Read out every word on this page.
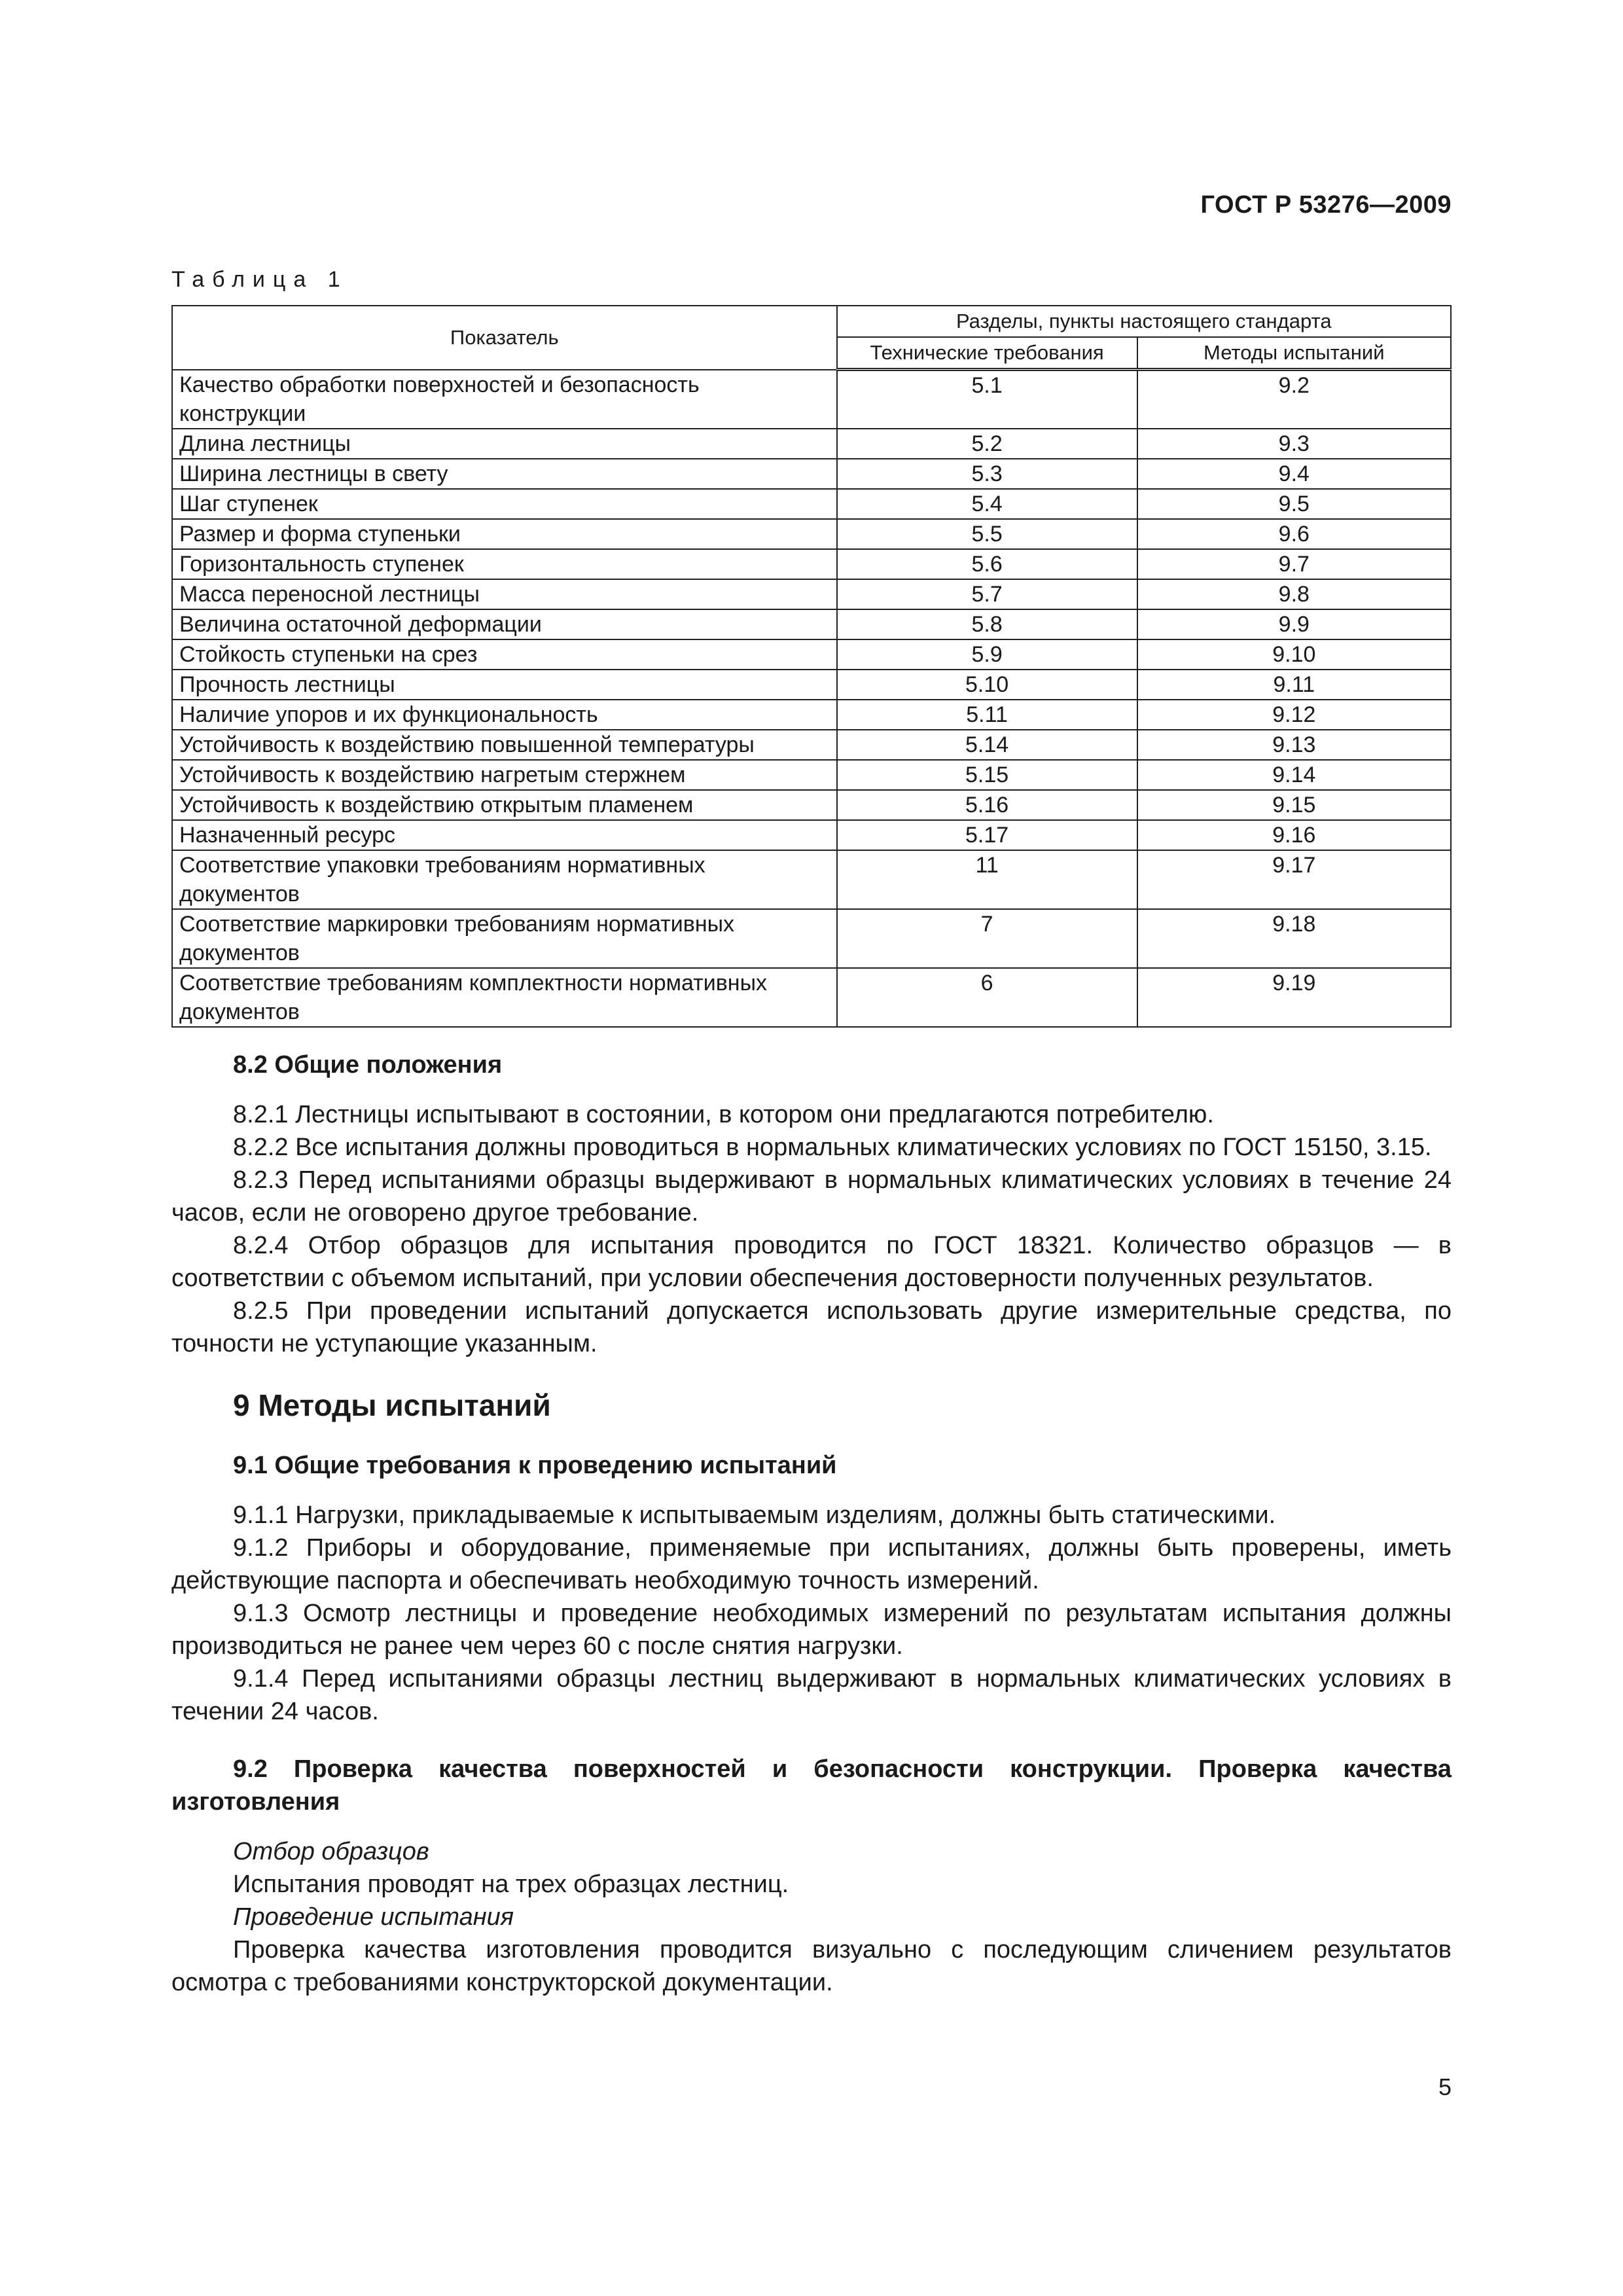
ГОСТ Р 53276—2009
Таблица 1
Показатель	Разделы, пункты настоящего стандарта	
	Технические требования	Методы испытаний
Качество обработки поверхностей и безопасность конструкции	5.1	9.2
Длина лестницы	5.2	9.3
Ширина лестницы в свету	5.3	9.4
Шаг ступенек	5.4	9.5
Размер и форма ступеньки	5.5	9.6
Горизонтальность ступенек	5.6	9.7
Масса переносной лестницы	5.7	9.8
Величина остаточной деформации	5.8	9.9
Стойкость ступеньки на срез	5.9	9.10
Прочность лестницы	5.10	9.11
Наличие упоров и их функциональность	5.11	9.12
Устойчивость к воздействию повышенной температуры	5.14	9.13
Устойчивость к воздействию нагретым стержнем	5.15	9.14
Устойчивость к воздействию открытым пламенем	5.16	9.15
Назначенный ресурс	5.17	9.16
Соответствие упаковки требованиям нормативных документов	11	9.17
Соответствие маркировки требованиям нормативных документов	7	9.18
Соответствие требованиям комплектности нормативных документов	6	9.19
8.2 Общие положения

8.2.1 Лестницы испытывают в состоянии, в котором они предлагаются потребителю.

8.2.2 Все испытания должны проводиться в нормальных климатических условиях по ГОСТ 15150, 3.15.

8.2.3 Перед испытаниями образцы выдерживают в нормальных климатических условиях в течение 24 часов, если не оговорено другое требование.

8.2.4 Отбор образцов для испытания проводится по ГОСТ 18321. Количество образцов — в соответствии с объемом испытаний, при условии обеспечения достоверности полученных результатов.

8.2.5 При проведении испытаний допускается использовать другие измерительные средства, по точности не уступающие указанным.

9 Методы испытаний
9.1 Общие требования к проведению испытаний

9.1.1 Нагрузки, прикладываемые к испытываемым изделиям, должны быть статическими.

9.1.2 Приборы и оборудование, применяемые при испытаниях, должны быть проверены, иметь действующие паспорта и обеспечивать необходимую точность измерений.

9.1.3 Осмотр лестницы и проведение необходимых измерений по результатам испытания должны производиться не ранее чем через 60 с после снятия нагрузки.

9.1.4 Перед испытаниями образцы лестниц выдерживают в нормальных климатических условиях в течении 24 часов.

9.2 Проверка качества поверхностей и безопасности конструкции. Проверка качества изготовления

Отбор образцов

Испытания проводят на трех образцах лестниц.

Проведение испытания

Проверка качества изготовления проводится визуально с последующим сличением результатов осмотра с требованиями конструкторской документации.

5
